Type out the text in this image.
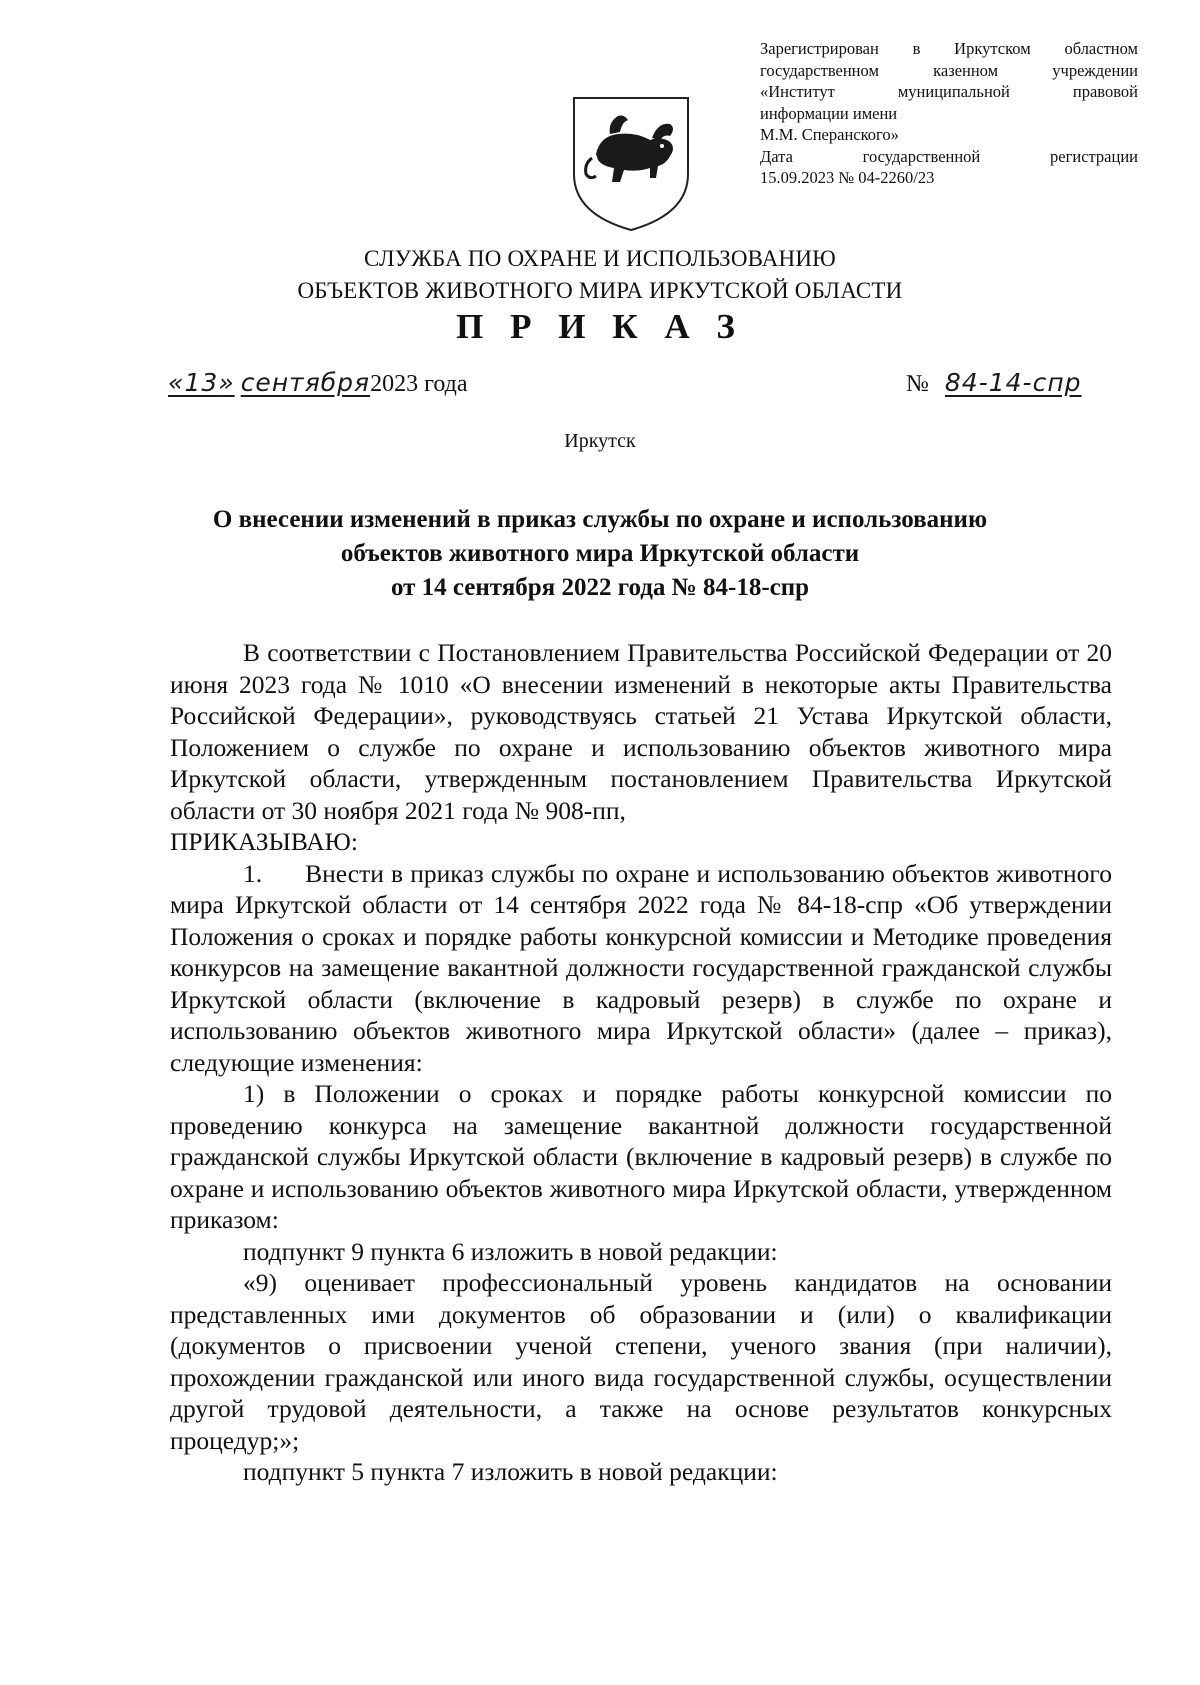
Зарегистрирован в Иркутском областном
государственном казенном учреждении
«Институт муниципальной правовой
информации имени
М.М. Сперанского»
Дата государственной регистрации
15.09.2023 № 04-2260/23
СЛУЖБА ПО ОХРАНЕ И ИСПОЛЬЗОВАНИЮ
ОБЪЕКТОВ ЖИВОТНОГО МИРА ИРКУТСКОЙ ОБЛАСТИ
П Р И К А З
«13» сентября2023 года	№ 84-14-спр
Иркутск
О внесении изменений в приказ службы по охране и использованию
объектов животного мира Иркутской области
от 14 сентября 2022 года № 84-18-спр

В соответствии с Постановлением Правительства Российской Федерации от 20 июня 2023 года № 1010 «О внесении изменений в некоторые акты Правительства Российской Федерации», руководствуясь статьей 21 Устава Иркутской области, Положением о службе по охране и использованию объектов животного мира Иркутской области, утвержденным постановлением Правительства Иркутской области от 30 ноября 2021 года № 908-пп,

ПРИКАЗЫВАЮ:

1.      Внести в приказ службы по охране и использованию объектов животного мира Иркутской области от 14 сентября 2022 года № 84-18-спр «Об утверждении Положения о сроках и порядке работы конкурсной комиссии и Методике проведения конкурсов на замещение вакантной должности государственной гражданской службы Иркутской области (включение в кадровый резерв) в службе по охране и использованию объектов животного мира Иркутской области» (далее – приказ), следующие изменения:

1) в Положении о сроках и порядке работы конкурсной комиссии по проведению конкурса на замещение вакантной должности государственной гражданской службы Иркутской области (включение в кадровый резерв) в службе по охране и использованию объектов животного мира Иркутской области, утвержденном приказом:

подпункт 9 пункта 6 изложить в новой редакции:

«9) оценивает профессиональный уровень кандидатов на основании представленных ими документов об образовании и (или) о квалификации (документов о присвоении ученой степени, ученого звания (при наличии), прохождении гражданской или иного вида государственной службы, осуществлении другой трудовой деятельности, а также на основе результатов конкурсных процедур;»;

подпункт 5 пункта 7 изложить в новой редакции:
